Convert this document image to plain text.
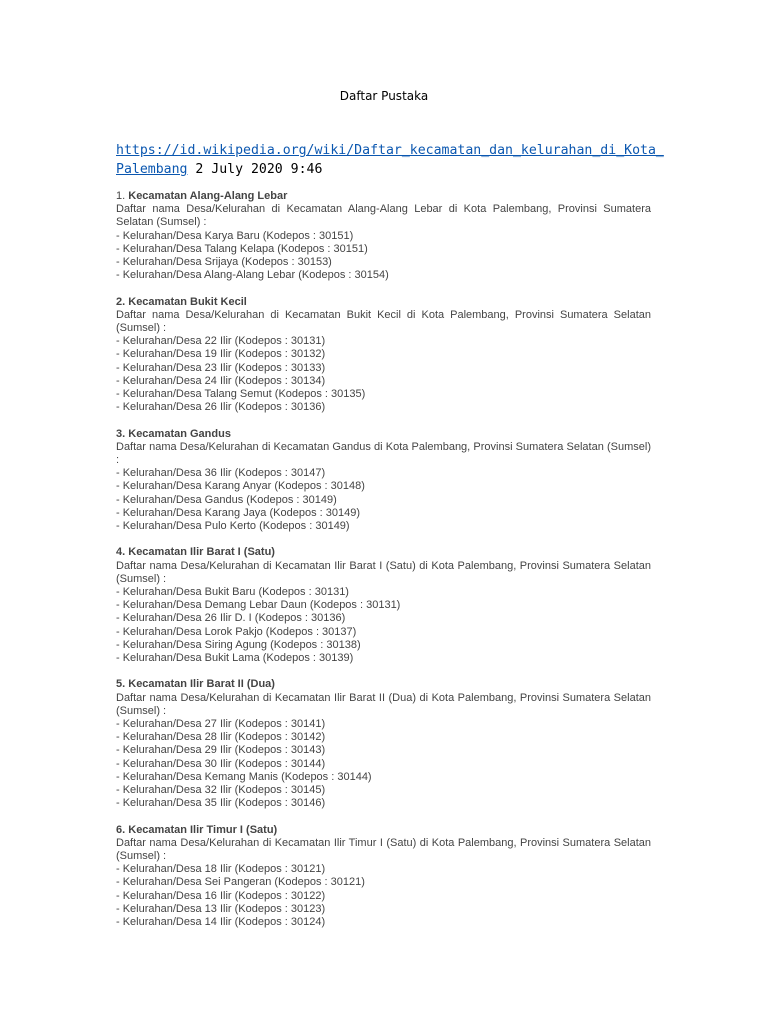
Daftar Pustaka
https://id.wikipedia.org/wiki/Daftar_kecamatan_dan_kelurahan_di_Kota_
Palembang 2 July 2020 9:46
1. Kecamatan Alang-Alang Lebar
Daftar nama Desa/Kelurahan di Kecamatan Alang-Alang Lebar di Kota Palembang, Provinsi Sumatera Selatan (Sumsel) :
- Kelurahan/Desa Karya Baru (Kodepos : 30151)
- Kelurahan/Desa Talang Kelapa (Kodepos : 30151)
- Kelurahan/Desa Srijaya (Kodepos : 30153)
- Kelurahan/Desa Alang-Alang Lebar (Kodepos : 30154)
2. Kecamatan Bukit Kecil
Daftar nama Desa/Kelurahan di Kecamatan Bukit Kecil di Kota Palembang, Provinsi Sumatera Selatan (Sumsel) :
- Kelurahan/Desa 22 Ilir (Kodepos : 30131)
- Kelurahan/Desa 19 Ilir (Kodepos : 30132)
- Kelurahan/Desa 23 Ilir (Kodepos : 30133)
- Kelurahan/Desa 24 Ilir (Kodepos : 30134)
- Kelurahan/Desa Talang Semut (Kodepos : 30135)
- Kelurahan/Desa 26 Ilir (Kodepos : 30136)
3. Kecamatan Gandus
Daftar nama Desa/Kelurahan di Kecamatan Gandus di Kota Palembang, Provinsi Sumatera Selatan (Sumsel) :
- Kelurahan/Desa 36 Ilir (Kodepos : 30147)
- Kelurahan/Desa Karang Anyar (Kodepos : 30148)
- Kelurahan/Desa Gandus (Kodepos : 30149)
- Kelurahan/Desa Karang Jaya (Kodepos : 30149)
- Kelurahan/Desa Pulo Kerto (Kodepos : 30149)
4. Kecamatan Ilir Barat I (Satu)
Daftar nama Desa/Kelurahan di Kecamatan Ilir Barat I (Satu) di Kota Palembang, Provinsi Sumatera Selatan (Sumsel) :
- Kelurahan/Desa Bukit Baru (Kodepos : 30131)
- Kelurahan/Desa Demang Lebar Daun (Kodepos : 30131)
- Kelurahan/Desa 26 Ilir D. I (Kodepos : 30136)
- Kelurahan/Desa Lorok Pakjo (Kodepos : 30137)
- Kelurahan/Desa Siring Agung (Kodepos : 30138)
- Kelurahan/Desa Bukit Lama (Kodepos : 30139)
5. Kecamatan Ilir Barat II (Dua)
Daftar nama Desa/Kelurahan di Kecamatan Ilir Barat II (Dua) di Kota Palembang, Provinsi Sumatera Selatan (Sumsel) :
- Kelurahan/Desa 27 Ilir (Kodepos : 30141)
- Kelurahan/Desa 28 Ilir (Kodepos : 30142)
- Kelurahan/Desa 29 Ilir (Kodepos : 30143)
- Kelurahan/Desa 30 Ilir (Kodepos : 30144)
- Kelurahan/Desa Kemang Manis (Kodepos : 30144)
- Kelurahan/Desa 32 Ilir (Kodepos : 30145)
- Kelurahan/Desa 35 Ilir (Kodepos : 30146)
6. Kecamatan Ilir Timur I (Satu)
Daftar nama Desa/Kelurahan di Kecamatan Ilir Timur I (Satu) di Kota Palembang, Provinsi Sumatera Selatan (Sumsel) :
- Kelurahan/Desa 18 Ilir (Kodepos : 30121)
- Kelurahan/Desa Sei Pangeran (Kodepos : 30121)
- Kelurahan/Desa 16 Ilir (Kodepos : 30122)
- Kelurahan/Desa 13 Ilir (Kodepos : 30123)
- Kelurahan/Desa 14 Ilir (Kodepos : 30124)
